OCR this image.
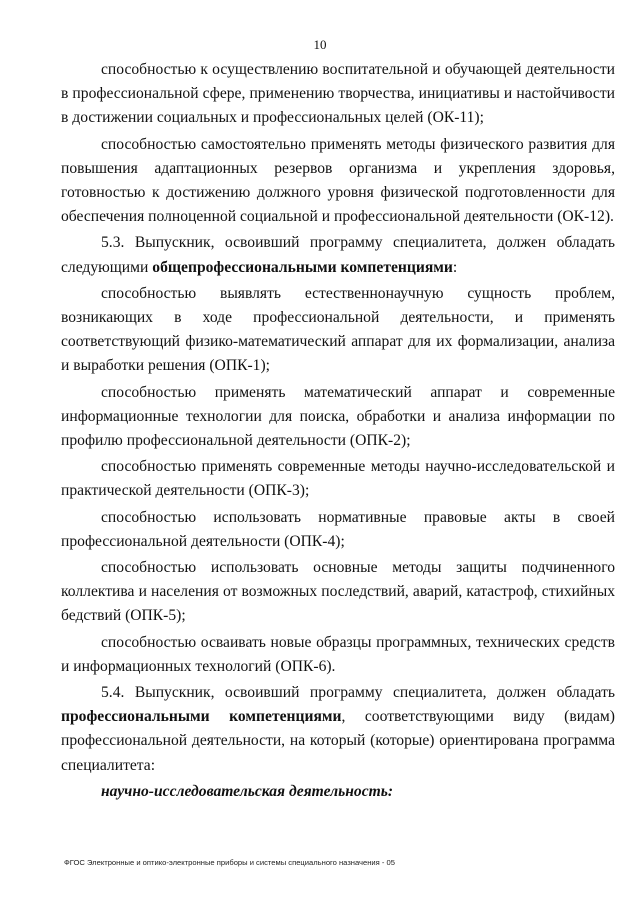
10

способностью к осуществлению воспитательной и обучающей деятельности в профессиональной сфере, применению творчества, инициативы и настойчивости в достижении социальных и профессиональных целей (ОК-11);

способностью самостоятельно применять методы физического развития для повышения адаптационных резервов организма и укрепления здоровья, готовностью к достижению должного уровня физической подготовленности для обеспечения полноценной социальной и профессиональной деятельности (ОК-12).

5.3. Выпускник, освоивший программу специалитета, должен обладать следующими общепрофессиональными компетенциями:

способностью выявлять естественнонаучную сущность проблем, возникающих в ходе профессиональной деятельности, и применять соответствующий физико-математический аппарат для их формализации, анализа и выработки решения (ОПК-1);

способностью применять математический аппарат и современные информационные технологии для поиска, обработки и анализа информации по профилю профессиональной деятельности (ОПК-2);

способностью применять современные методы научно-исследовательской и практической деятельности (ОПК-3);

способностью использовать нормативные правовые акты в своей профессиональной деятельности (ОПК-4);

способностью использовать основные методы защиты подчиненного коллектива и населения от возможных последствий, аварий, катастроф, стихийных бедствий (ОПК-5);

способностью осваивать новые образцы программных, технических средств и информационных технологий (ОПК-6).

5.4. Выпускник, освоивший программу специалитета, должен обладать профессиональными компетенциями, соответствующими виду (видам) профессиональной деятельности, на который (которые) ориентирована программа специалитета:

научно-исследовательская деятельность:

ФГОС Электронные и оптико-электронные приборы и системы специального назначения - 05
